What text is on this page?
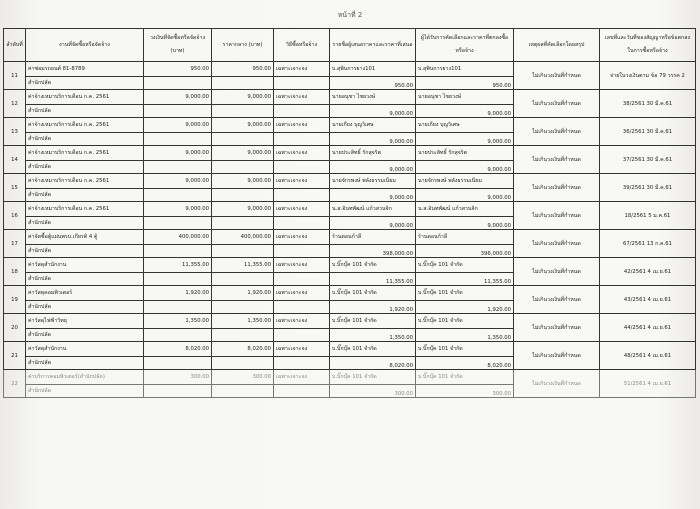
หน้าที่ 2
ลำดับที่	งานที่จัดซื้อหรือจัดจ้าง	วงเงินที่จัดซื้อหรือจัดจ้าง (บาท)	ราคากลาง (บาท)	วิธีซื้อหรือจ้าง	รายชื่อผู้เสนอราคาและราคาที่เสนอ	ผู้ได้รับการคัดเลือกและราคาที่ตกลงซื้อหรือจ้าง	เหตุผลที่คัดเลือกโดยสรุป	เลขที่และวันที่ของสัญญาหรือข้อตกลงในการซื้อหรือจ้าง
11	ค่าซ่อมรถยนต์ 81-8789	950.00	950.00	เฉพาะเจาะจง	บ.สุพินการยาง101	บ.สุพินการยาง101	ไม่เกินวงเงินที่กำหนด	จ่ายในวงเงินตาม ข้อ 79 วรรค 2
	สำนักปลัด				950.00	950.00		
12	ค่าจ้างเหมาบริการเดือน ก.ค. 2561	9,000.00	9,000.00	เฉพาะเจาะจง	นายอนุชา ไชยวงษ์	นายอนุชา ไชยวงษ์	ไม่เกินวงเงินที่กำหนด	38/2561 30 มี.ค.61
	สำนักปลัด				9,000.00	9,000.00		
13	ค่าจ้างเหมาบริการเดือน ก.ค. 2561	9,000.00	9,000.00	เฉพาะเจาะจง	นายเกียง บุญวิเศษ	นายเกียง บุญวิเศษ	ไม่เกินวงเงินที่กำหนด	36/2561 30 มี.ค.61
	สำนักปลัด				9,000.00	9,000.00		
14	ค่าจ้างเหมาบริการเดือน ก.ค. 2561	9,000.00	9,000.00	เฉพาะเจาะจง	นายประสิทธิ์ รักสุจริต	นายประสิทธิ์ รักสุจริต	ไม่เกินวงเงินที่กำหนด	37/2561 30 มี.ค.61
	สำนักปลัด				9,000.00	9,000.00		
15	ค่าจ้างเหมาบริการเดือน ก.ค. 2561	9,000.00	9,000.00	เฉพาะเจาะจง	นายจักรพงษ์ พลังธรรมเนียม	นายจักรพงษ์ พลังธรรมเนียม	ไม่เกินวงเงินที่กำหนด	39/2561 30 มี.ค.61
	สำนักปลัด				9,000.00	9,000.00		
16	ค่าจ้างเหมาบริการเดือน ก.ค. 2561	9,000.00	9,000.00	เฉพาะเจาะจง	น.ส.อินทพัฒน์ แก้วสวนจิก	น.ส.อินทพัฒน์ แก้วสวนจิก	ไม่เกินวงเงินที่กำหนด	18/2561 5 ม.ค.61
	สำนักปลัด				9,000.00	9,000.00		
17	ค่าจัดซื้อตู้แผ่นพรบ.เกียรติ 4 ตู้	400,000.00	400,000.00	เฉพาะเจาะจง	ร้านดอนก้าลี	ร้านดอนก้าลี	ไม่เกินวงเงินที่กำหนด	67/2561 13 ก.ค.61
	สำนักปลัด				398,000.00	396,000.00		
18	ค่าวัสดุสำนักงาน	11,355.00	11,355.00	เฉพาะเจาะจง	บ.บิ๊กบุ๊ค 101 จำกัด	บ.บิ๊กบุ๊ค 101 จำกัด	ไม่เกินวงเงินที่กำหนด	42/2561 4 เม.ย.61
	สำนักปลัด				11,355.00	11,355.00		
19	ค่าวัสดุคอมพิวเตอร์	1,920.00	1,920.00	เฉพาะเจาะจง	บ.บิ๊กบุ๊ค 101 จำกัด	บ.บิ๊กบุ๊ค 101 จำกัด	ไม่เกินวงเงินที่กำหนด	43/2561 4 เม.ย.61
	สำนักปลัด				1,920.00	1,920.00		
20	ค่าวัสดุไฟฟ้าวิทยุ	1,350.00	1,350.00	เฉพาะเจาะจง	บ.บิ๊กบุ๊ค 101 จำกัด	บ.บิ๊กบุ๊ค 101 จำกัด	ไม่เกินวงเงินที่กำหนด	44/2561 4 เม.ย.61
	สำนักปลัด				1,350.00	1,350.00		
21	ค่าวัสดุสำนักงาน	8,020.00	8,020.00	เฉพาะเจาะจง	บ.บิ๊กบุ๊ค 101 จำกัด	บ.บิ๊กบุ๊ค 101 จำกัด	ไม่เกินวงเงินที่กำหนด	48/2561 4 เม.ย.61
	สำนักปลัด				8,020.00	8,020.00		
22	ค่าบริการคอมพิวเตอร์(สำนักปลัด)	300.00	300.00	เฉพาะเจาะจง	บ.บิ๊กบุ๊ค 101 จำกัด	บ.บิ๊กบุ๊ค 101 จำกัด	ไม่เกินวงเงินที่กำหนด	51/2561 4 เม.ย.61
	สำนักปลัด				300.00	300.00		
